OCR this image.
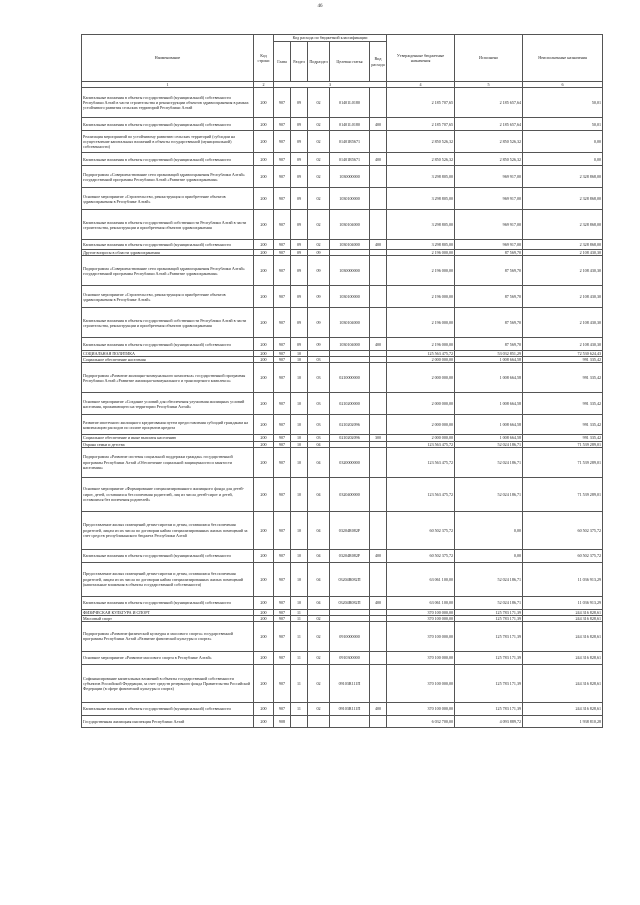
46
Наименование	Код строки	Код расхода по бюджетной классификации					Утвержденные бюджетные назначения	Исполнено	Неисполненные назначения
		Глава	Раздел	Подраздел	Целевая статья	Вид расхода			
1	2	3					4	5	6
Капитальные вложения в объекты государственной (муниципальной) собственности Республики Алтай в части строительства и реконструкции объектов здравоохранения в рамках устойчивого развития сельских территорий Республики Алтай	200	907	09	02	01401L0180		2 185 707,65	2 185 657,64	50,01
Капитальные вложения в объекты государственной (муниципальной) собственности	200	907	09	02	01401L0180	400	2 185 707,65	2 185 657,64	50,01
Реализация мероприятий по устойчивому развитию сельских территорий (субсидии на осуществление капитальных вложений в объекты государственной (муниципальной) собственности)	200	907	09	02	01401R5671		2 850 526,32	2 850 526,32	0,00
Капитальные вложения в объекты государственной (муниципальной) собственности	200	907	09	02	01401R5671	400	2 850 526,32	2 850 526,32	0,00
Подпрограмма «Совершенствование сети организаций здравоохранения Республики Алтай» государственной программы Республики Алтай «Развитие здравоохранения»	200	907	09	02	1030000000		3 298 805,00	969 917,00	2 328 868,00
Основное мероприятие «Строительство, реконструкция и приобретение объектов здравоохранения в Республике Алтай»	200	907	09	02	1030100000		3 298 805,00	969 917,00	2 328 868,00
Капитальные вложения в объекты государственной собственности Республики Алтай в части строительства, реконструкции и приобретения объектов здравоохранения	200	907	09	02	1030104000		3 298 805,00	969 917,00	2 328 868,00
Капитальные вложения в объекты государственной (муниципальной) собственности	200	907	09	02	1030104000	400	3 298 805,00	969 917,00	2 328 868,00
Другие вопросы в области здравоохранения	200	907	09	09			2 196 000,00	87 569,70	2 108 430,30
Подпрограмма «Совершенствование сети организаций здравоохранения Республики Алтай» государственной программы Республики Алтай «Развитие здравоохранения»	200	907	09	09	1030000000		2 196 000,00	87 569,70	2 108 430,30
Основное мероприятие «Строительство, реконструкция и приобретение объектов здравоохранения в Республике Алтай»	200	907	09	09	1030100000		2 196 000,00	87 569,70	2 108 430,30
Капитальные вложения в объекты государственной собственности Республики Алтай в части строительства, реконструкции и приобретения объектов здравоохранения	200	907	09	09	1030104000		2 196 000,00	87 569,70	2 108 430,30
Капитальные вложения в объекты государственной (муниципальной) собственности	200	907	09	09	1030104000	400	2 196 000,00	87 569,70	2 108 430,30
СОЦИАЛЬНАЯ ПОЛИТИКА	200	907	10				125 563 475,72	53 032 851,29	72 530 624,43
Социальное обеспечение населения	200	907	10	03			2 000 000,00	1 008 664,58	991 335,42
Подпрограмма «Развитие жилищно-коммунального комплекса» государственной программы Республики Алтай «Развитие жилищно-коммунального и транспортного комплекса»	200	907	10	03	0210000000		2 000 000,00	1 008 664,58	991 335,42
Основное мероприятие «Создание условий для обеспечения улучшения жилищных условий населения, проживающего на территории Республики Алтай»	200	907	10	03	0210200000		2 000 000,00	1 008 664,58	991 335,42
Развитие ипотечного жилищного кредитования путем предоставления субсидий гражданам на компенсацию расходов по оплате процентов кредита	200	907	10	03	0210202096		2 000 000,00	1 008 664,58	991 335,42
Социальное обеспечение и иные выплаты населению	200	907	10	03	0210202096	300	2 000 000,00	1 008 664,58	991 335,42
Охрана семьи и детства	200	907	10	04			123 563 475,72	52 024 186,71	71 539 289,01
Подпрограмма «Развитие системы социальной поддержки граждан» государственной программы Республики Алтай «Обеспечение социальной защищенности и занятости населения»	200	907	10	04	0320000000		123 563 475,72	52 024 186,71	71 539 289,01
Основное мероприятие «Формирование специализированного жилищного фонда для детей-сирот, детей, оставшихся без попечения родителей, лиц из числа детей-сирот и детей, оставшихся без попечения родителей»	200	907	10	04	0320400000		123 563 475,72	52 024 186,71	71 539 289,01
Предоставление жилых помещений детям-сиротам и детям, оставшимся без попечения родителей, лицам из их числа по договорам найма специализированных жилых помещений за счет средств республиканского бюджета Республики Алтай	200	907	10	04	03204R082F		60 502 375,72	0,00	60 502 375,72
Капитальные вложения в объекты государственной (муниципальной) собственности	200	907	10	04	03204R082F	400	60 502 375,72	0,00	60 502 375,72
Предоставление жилых помещений детям-сиротам и детям, оставшимся без попечения родителей, лицам из их числа по договорам найма специализированных жилых помещений (капитальные вложения в объекты государственной собственности)	200	907	10	04	03204R082П		63 061 100,00	52 024 186,71	11 036 913,29
Капитальные вложения в объекты государственной (муниципальной) собственности	200	907	10	04	03204R082П	400	63 061 100,00	52 024 186,71	11 036 913,29
ФИЗИЧЕСКАЯ КУЛЬТУРА И СПОРТ	200	907	11				370 100 000,00	125 783 171,39	244 316 828,61
Массовый спорт	200	907	11	02			370 100 000,00	125 783 171,39	244 316 828,61
Подпрограмма «Развитие физической культуры и массового спорта» государственной программы Республики Алтай «Развитие физической культуры и спорта»	200	907	11	02	0910000000		370 100 000,00	125 783 171,39	244 316 828,61
Основное мероприятие «Развитие массового спорта в Республике Алтай»	200	907	11	02	0910300000		370 100 000,00	125 783 171,39	244 316 828,61
Софинансирование капитальных вложений в объекты государственной собственности субъектов Российской Федерации, за счет средств резервного фонда Правительства Российской Федерации (в сфере физической культуры и спорта)	200	907	11	02	09103R111П		370 100 000,00	125 783 171,39	244 316 828,61
Капитальные вложения в объекты государственной (муниципальной) собственности	200	907	11	02	09103R111П	400	370 100 000,00	125 783 171,39	244 316 828,61
Государственная жилищная инспекция Республики Алтай	200	908					6 032 700,00	4 093 889,72	1 938 810,28
